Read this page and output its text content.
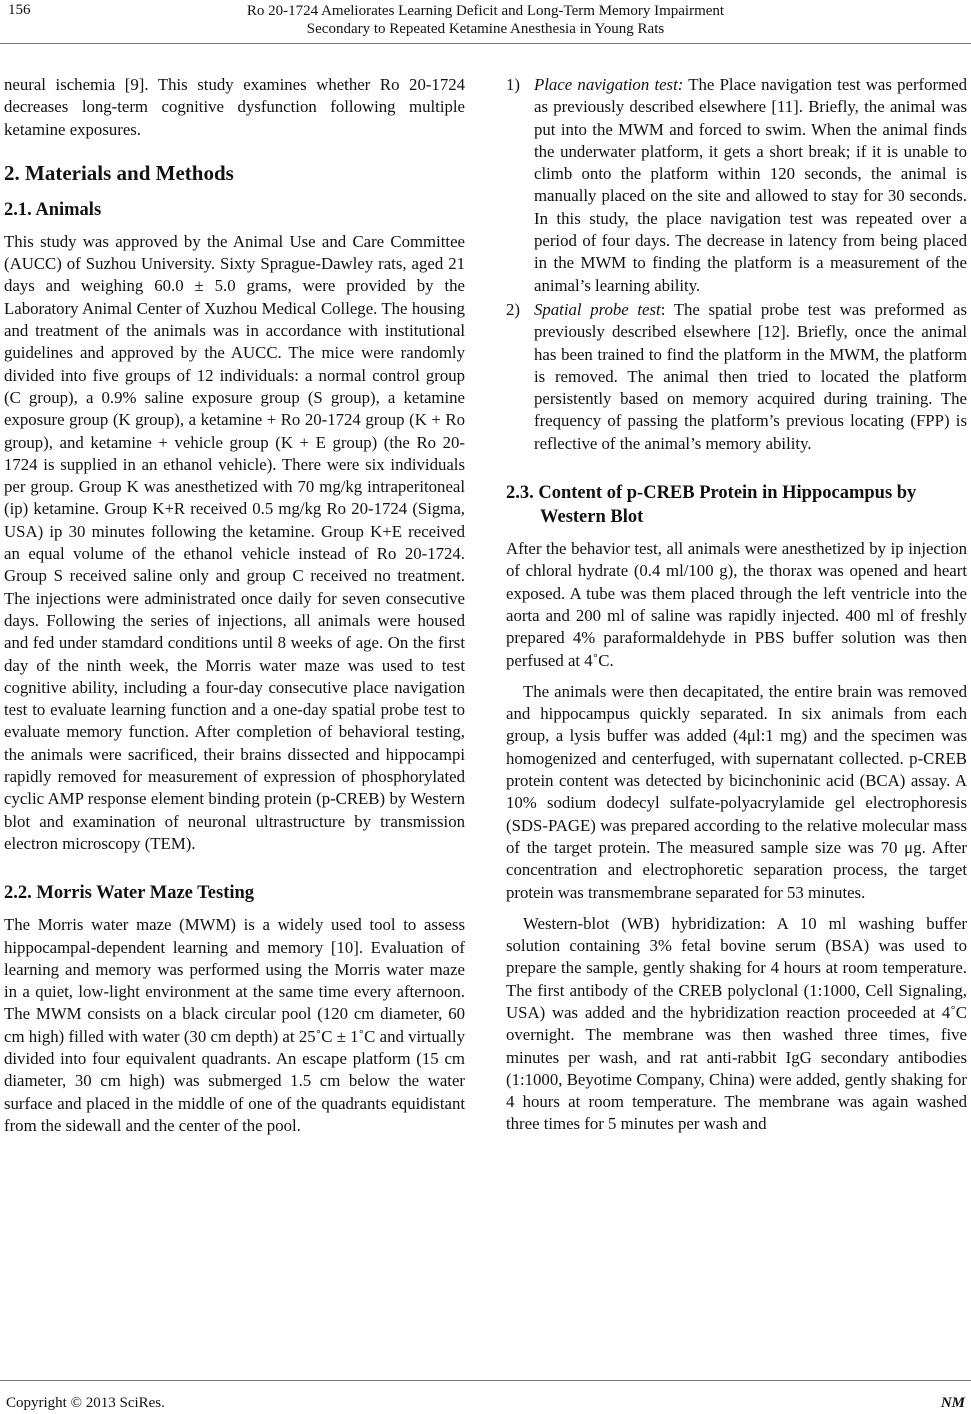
156	Ro 20-1724 Ameliorates Learning Deficit and Long-Term Memory Impairment
Secondary to Repeated Ketamine Anesthesia in Young Rats

neural ischemia [9]. This study examines whether Ro 20-1724 decreases long-term cognitive dysfunction following multiple ketamine exposures.

2. Materials and Methods
2.1. Animals

This study was approved by the Animal Use and Care Committee (AUCC) of Suzhou University. Sixty Sprague-Dawley rats, aged 21 days and weighing 60.0 ± 5.0 grams, were provided by the Laboratory Animal Center of Xuzhou Medical College. The housing and treatment of the animals was in accordance with institutional guidelines and approved by the AUCC. The mice were randomly divided into five groups of 12 individuals: a normal control group (C group), a 0.9% saline exposure group (S group), a ketamine exposure group (K group), a ketamine + Ro 20-1724 group (K + Ro group), and ketamine + vehicle group (K + E group) (the Ro 20-1724 is supplied in an ethanol vehicle). There were six individuals per group. Group K was anesthetized with 70 mg/kg intraperitoneal (ip) ketamine. Group K+R received 0.5 mg/kg Ro 20-1724 (Sigma, USA) ip 30 minutes following the ketamine. Group K+E received an equal volume of the ethanol vehicle instead of Ro 20-1724. Group S received saline only and group C received no treatment. The injections were administrated once daily for seven consecutive days. Following the series of injections, all animals were housed and fed under stamdard conditions until 8 weeks of age. On the first day of the ninth week, the Morris water maze was used to test cognitive ability, including a four-day consecutive place navigation test to evaluate learning function and a one-day spatial probe test to evaluate memory function. After completion of behavioral testing, the animals were sacrificed, their brains dissected and hippocampi rapidly removed for measurement of expression of phosphorylated cyclic AMP response element binding protein (p-CREB) by Western blot and examination of neuronal ultrastructure by transmission electron microscopy (TEM).

2.2. Morris Water Maze Testing

The Morris water maze (MWM) is a widely used tool to assess hippocampal-dependent learning and memory [10]. Evaluation of learning and memory was performed using the Morris water maze in a quiet, low-light environment at the same time every afternoon. The MWM consists on a black circular pool (120 cm diameter, 60 cm high) filled with water (30 cm depth) at 25˚C ± 1˚C and virtually divided into four equivalent quadrants. An escape platform (15 cm diameter, 30 cm high) was submerged 1.5 cm below the water surface and placed in the middle of one of the quadrants equidistant from the sidewall and the center of the pool.

1) Place navigation test: The Place navigation test was performed as previously described elsewhere [11]. Briefly, the animal was put into the MWM and forced to swim. When the animal finds the underwater platform, it gets a short break; if it is unable to climb onto the platform within 120 seconds, the animal is manually placed on the site and allowed to stay for 30 seconds. In this study, the place navigation test was repeated over a period of four days. The decrease in latency from being placed in the MWM to finding the platform is a measurement of the animal’s learning ability.
2) Spatial probe test: The spatial probe test was preformed as previously described elsewhere [12]. Briefly, once the animal has been trained to find the platform in the MWM, the platform is removed. The animal then tried to located the platform persistently based on memory acquired during training. The frequency of passing the platform’s previous locating (FPP) is reflective of the animal’s memory ability.
2.3. Content of p-CREB Protein in Hippocampus by Western Blot

After the behavior test, all animals were anesthetized by ip injection of chloral hydrate (0.4 ml/100 g), the thorax was opened and heart exposed. A tube was them placed through the left ventricle into the aorta and 200 ml of saline was rapidly injected. 400 ml of freshly prepared 4% paraformaldehyde in PBS buffer solution was then perfused at 4˚C.

The animals were then decapitated, the entire brain was removed and hippocampus quickly separated. In six animals from each group, a lysis buffer was added (4μl:1 mg) and the specimen was homogenized and centerfuged, with supernatant collected. p-CREB protein content was detected by bicinchoninic acid (BCA) assay. A 10% sodium dodecyl sulfate-polyacrylamide gel electrophoresis (SDS-PAGE) was prepared according to the relative molecular mass of the target protein. The measured sample size was 70 μg. After concentration and electrophoretic separation process, the target protein was transmembrane separated for 53 minutes.

Western-blot (WB) hybridization: A 10 ml washing buffer solution containing 3% fetal bovine serum (BSA) was used to prepare the sample, gently shaking for 4 hours at room temperature. The first antibody of the CREB polyclonal (1:1000, Cell Signaling, USA) was added and the hybridization reaction proceeded at 4˚C overnight. The membrane was then washed three times, five minutes per wash, and rat anti-rabbit IgG secondary antibodies (1:1000, Beyotime Company, China) were added, gently shaking for 4 hours at room temperature. The membrane was again washed three times for 5 minutes per wash and

Copyright © 2013 SciRes.	NM
